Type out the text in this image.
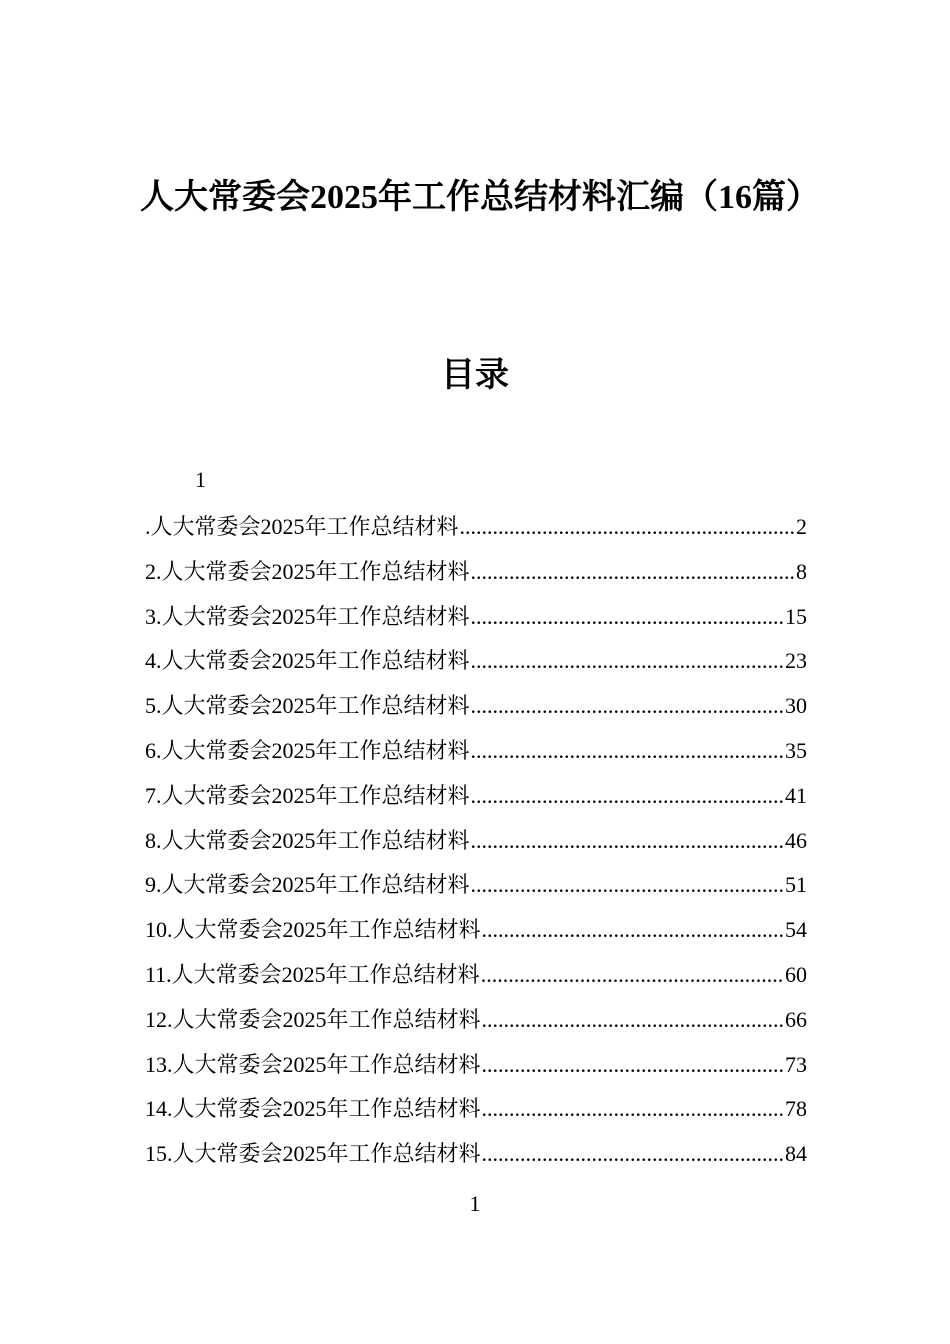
人大常委会2025年工作总结材料汇编（16篇）
目录
1
.人大常委会2025年工作总结材料 .....	2
2.人大常委会2025年工作总结材料 .....	8
3.人大常委会2025年工作总结材料 .....	15
4.人大常委会2025年工作总结材料 .....	23
5.人大常委会2025年工作总结材料 .....	30
6.人大常委会2025年工作总结材料 .....	35
7.人大常委会2025年工作总结材料 .....	41
8.人大常委会2025年工作总结材料 .....	46
9.人大常委会2025年工作总结材料 .....	51
10.人大常委会2025年工作总结材料 .....	54
11.人大常委会2025年工作总结材料 .....	60
12.人大常委会2025年工作总结材料 .....	66
13.人大常委会2025年工作总结材料 .....	73
14.人大常委会2025年工作总结材料 .....	78
15.人大常委会2025年工作总结材料 .....	84
1
